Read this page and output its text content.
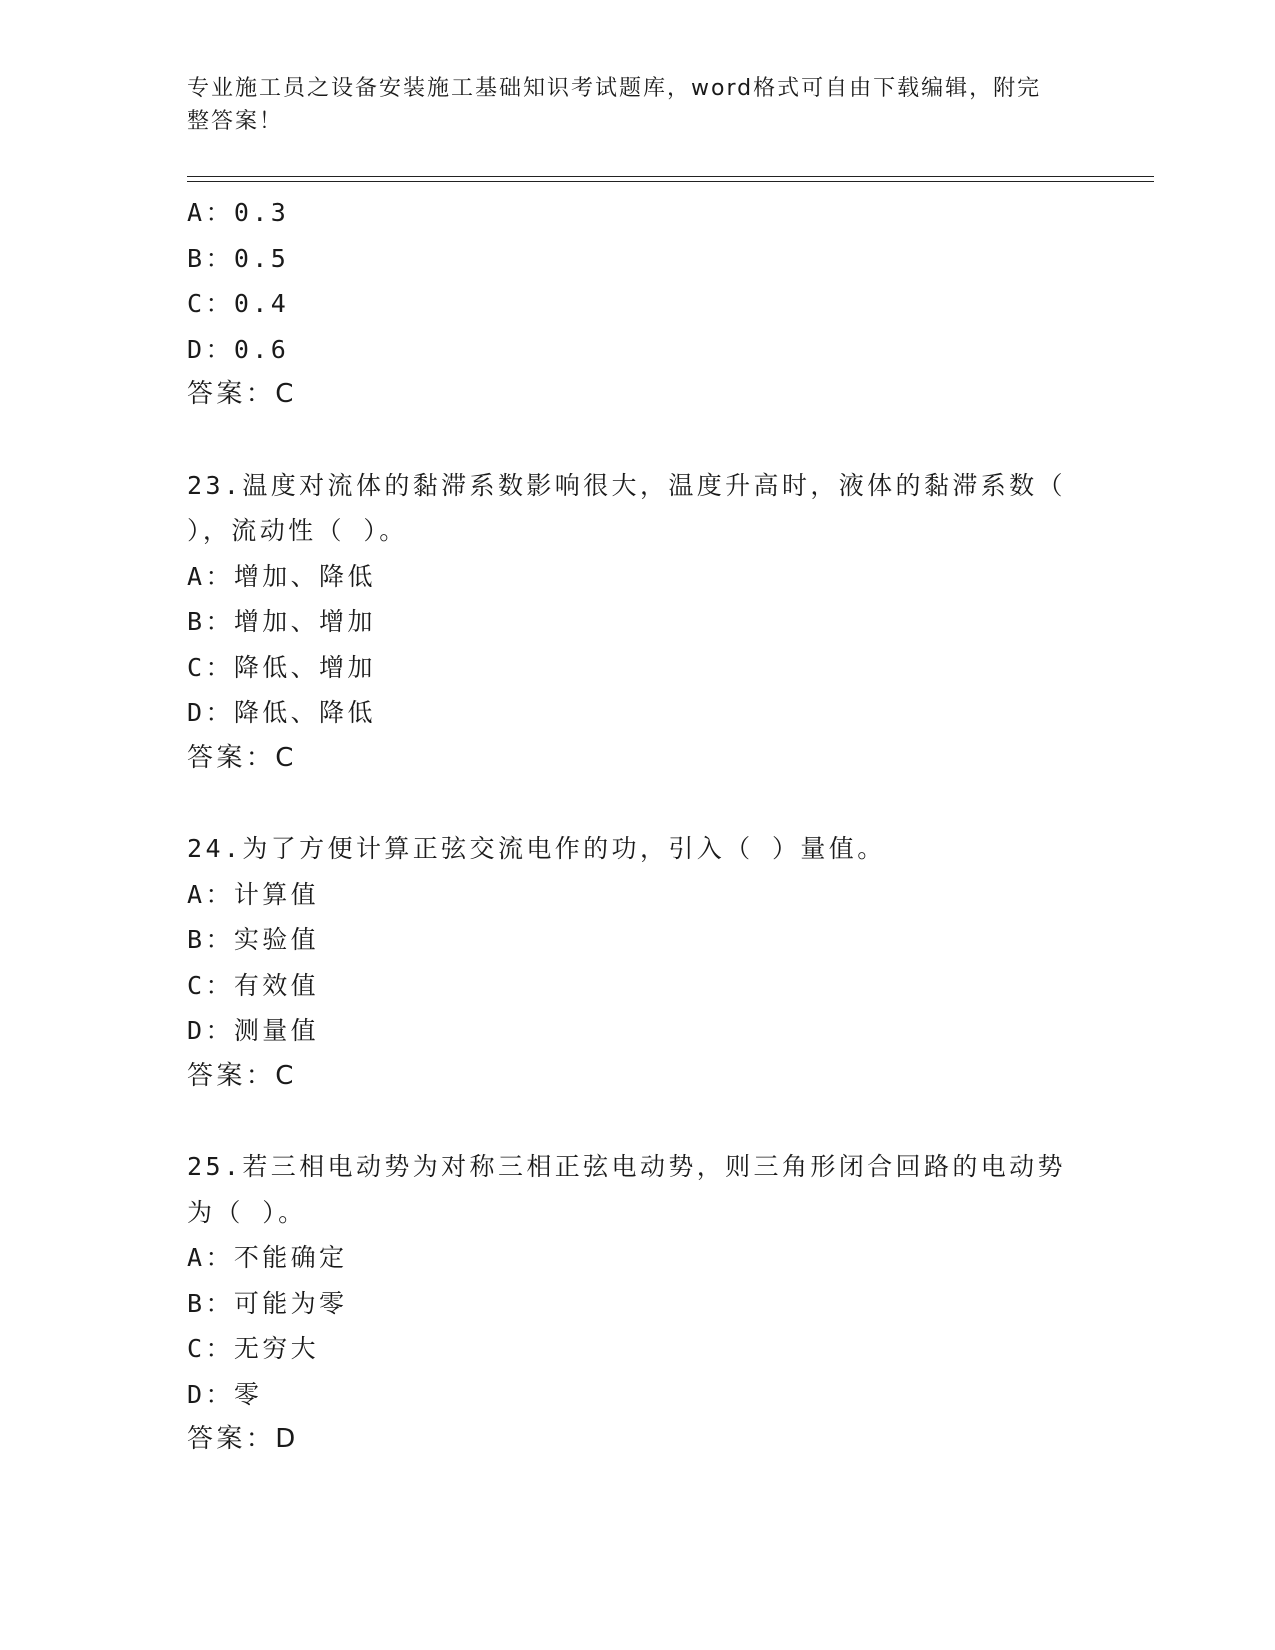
专业施工员之设备安装施工基础知识考试题库，word格式可自由下载编辑，附完
整答案！
A：0.3
B：0.5
C：0.4
D：0.6
答案：C
23.温度对流体的黏滞系数影响很大，温度升高时，液体的黏滞系数（
），流动性（ ）。
A：增加、降低
B：增加、增加
C：降低、增加
D：降低、降低
答案：C
24.为了方便计算正弦交流电作的功，引入（ ）量值。
A：计算值
B：实验值
C：有效值
D：测量值
答案：C
25.若三相电动势为对称三相正弦电动势，则三角形闭合回路的电动势
为（ ）。
A：不能确定
B：可能为零
C：无穷大
D：零
答案：D
